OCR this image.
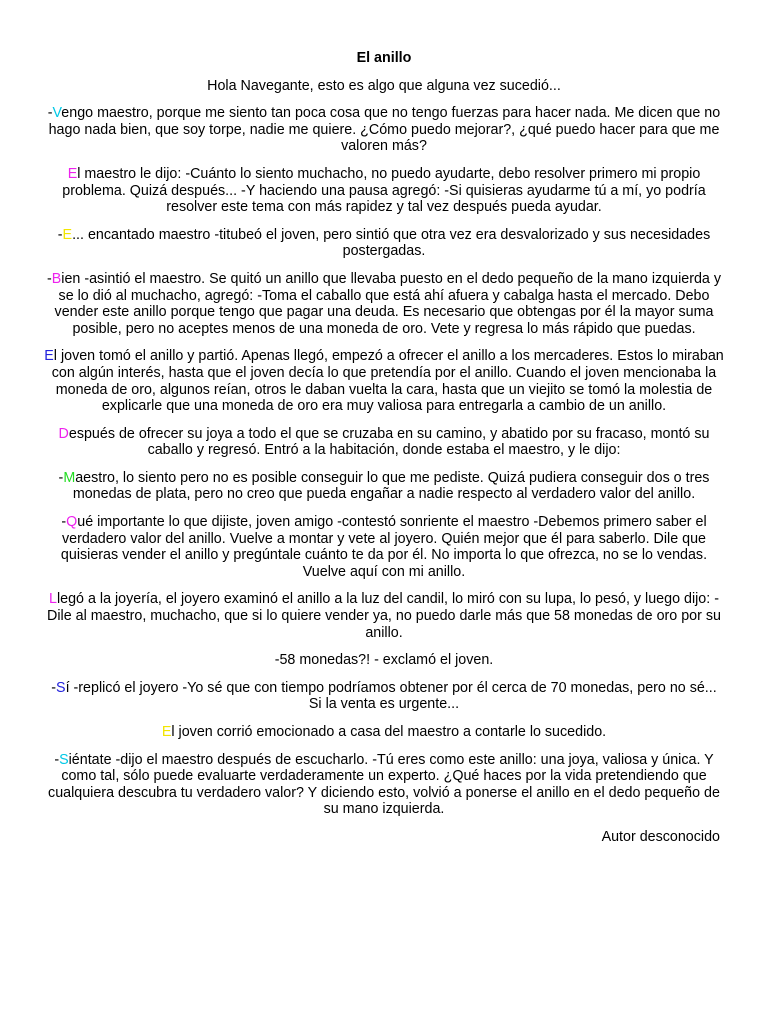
El anillo
Hola Navegante, esto es algo que alguna vez sucedió...
-Vengo maestro, porque me siento tan poca cosa que no tengo fuerzas para hacer nada. Me dicen que no hago nada bien, que soy torpe, nadie me quiere. ¿Cómo puedo mejorar?, ¿qué puedo hacer para que me valoren más?
El maestro le dijo: -Cuánto lo siento muchacho, no puedo ayudarte, debo resolver primero mi propio problema. Quizá después... -Y haciendo una pausa agregó: -Si quisieras ayudarme tú a mí, yo podría resolver este tema con más rapidez y tal vez después pueda ayudar.
-E... encantado maestro -titubeó el joven, pero sintió que otra vez era desvalorizado y sus necesidades postergadas.
-Bien -asintió el maestro. Se quitó un anillo que llevaba puesto en el dedo pequeño de la mano izquierda y se lo dió al muchacho, agregó: -Toma el caballo que está ahí afuera y cabalga hasta el mercado. Debo vender este anillo porque tengo que pagar una deuda. Es necesario que obtengas por él la mayor suma posible, pero no aceptes menos de una moneda de oro. Vete y regresa lo más rápido que puedas.
El joven tomó el anillo y partió. Apenas llegó, empezó a ofrecer el anillo a los mercaderes. Estos lo miraban con algún interés, hasta que el joven decía lo que pretendía por el anillo. Cuando el joven mencionaba la moneda de oro, algunos reían, otros le daban vuelta la cara, hasta que un viejito se tomó la molestia de explicarle que una moneda de oro era muy valiosa para entregarla a cambio de un anillo.
Después de ofrecer su joya a todo el que se cruzaba en su camino, y abatido por su fracaso, montó su caballo y regresó. Entró a la habitación, donde estaba el maestro, y le dijo:
-Maestro, lo siento pero no es posible conseguir lo que me pediste. Quizá pudiera conseguir dos o tres monedas de plata, pero no creo que pueda engañar a nadie respecto al verdadero valor del anillo.
-Qué importante lo que dijiste, joven amigo -contestó sonriente el maestro -Debemos primero saber el verdadero valor del anillo. Vuelve a montar y vete al joyero. Quién mejor que él para saberlo. Dile que quisieras vender el anillo y pregúntale cuánto te da por él. No importa lo que ofrezca, no se lo vendas. Vuelve aquí con mi anillo.
Llegó a la joyería, el joyero examinó el anillo a la luz del candil, lo miró con su lupa, lo pesó, y luego dijo: -Dile al maestro, muchacho, que si lo quiere vender ya, no puedo darle más que 58 monedas de oro por su anillo.
-58 monedas?! - exclamó el joven.
-Sí -replicó el joyero -Yo sé que con tiempo podríamos obtener por él cerca de 70 monedas, pero no sé... Si la venta es urgente...
El joven corrió emocionado a casa del maestro a contarle lo sucedido.
-Siéntate -dijo el maestro después de escucharlo. -Tú eres como este anillo: una joya, valiosa y única. Y como tal, sólo puede evaluarte verdaderamente un experto. ¿Qué haces por la vida pretendiendo que cualquiera descubra tu verdadero valor? Y diciendo esto, volvió a ponerse el anillo en el dedo pequeño de su mano izquierda.
Autor desconocido
